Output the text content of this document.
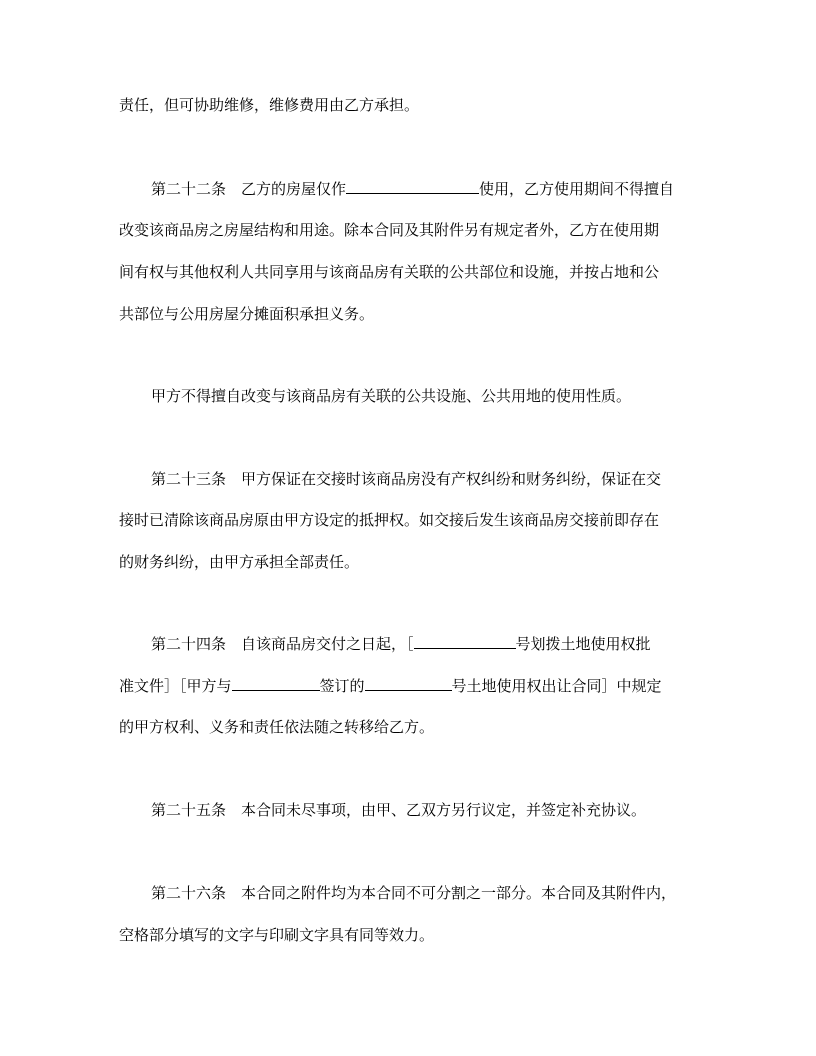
责任，但可协助维修，维修费用由乙方承担。
第二十二条　乙方的房屋仅作	使用，乙方使用期间不得擅自
改变该商品房之房屋结构和用途。除本合同及其附件另有规定者外，乙方在使用期
间有权与其他权利人共同享用与该商品房有关联的公共部位和设施，并按占地和公
共部位与公用房屋分摊面积承担义务。
甲方不得擅自改变与该商品房有关联的公共设施、公共用地的使用性质。
第二十三条　甲方保证在交接时该商品房没有产权纠纷和财务纠纷，保证在交
接时已清除该商品房原由甲方设定的抵押权。如交接后发生该商品房交接前即存在
的财务纠纷，由甲方承担全部责任。
第二十四条　自该商品房交付之日起，［	号划拨土地使用权批
准文件］［甲方与	签订的	号土地使用权出让合同］中规定
的甲方权利、义务和责任依法随之转移给乙方。
第二十五条　本合同未尽事项，由甲、乙双方另行议定，并签定补充协议。
第二十六条　本合同之附件均为本合同不可分割之一部分。本合同及其附件内，
空格部分填写的文字与印刷文字具有同等效力。
